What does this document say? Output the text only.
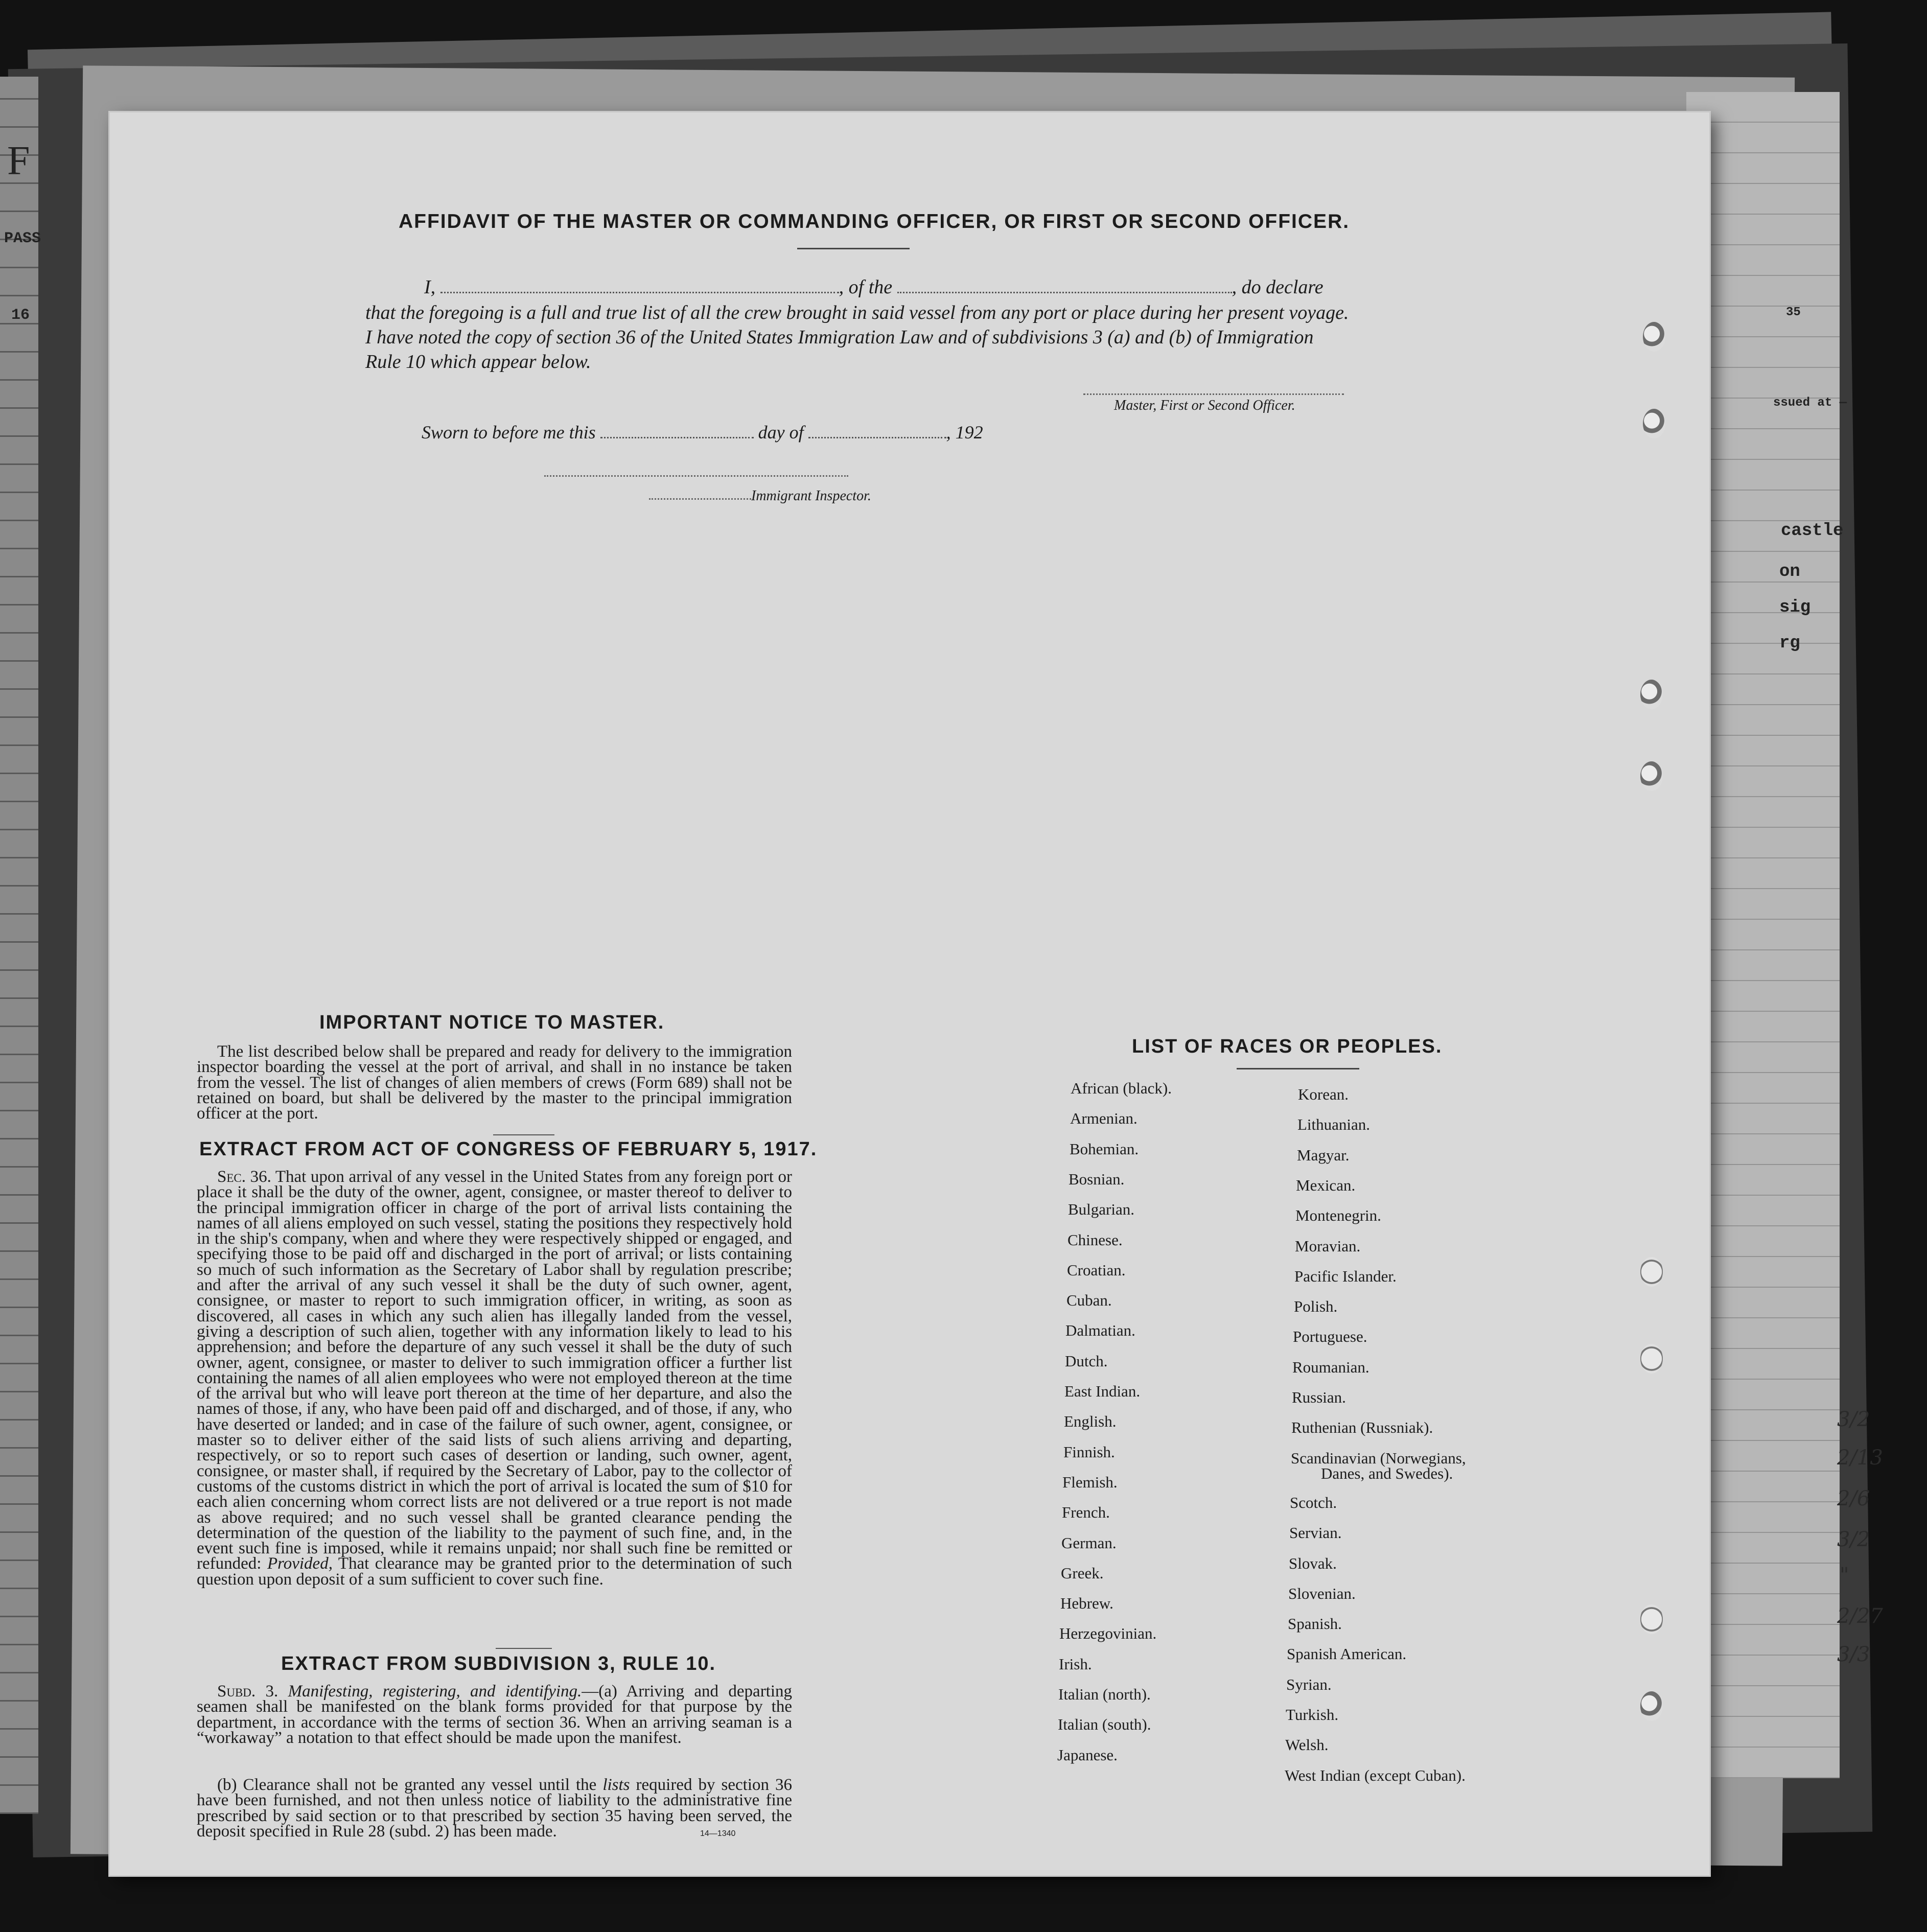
F
PASS
16	35
ssued at —
castle
on
sig
rg
3/2
2/13
2/6
3/2
"
2/27
3/3
AFFIDAVIT OF THE MASTER OR COMMANDING OFFICER, OR FIRST OR SECOND OFFICER.
I,	, of the	, do declare
that the foregoing is a full and true list of all the crew brought in said vessel from any port or place during her present voyage.
I have noted the copy of section 36 of the United States Immigration Law and of subdivisions 3 (a) and (b) of Immigration
Rule 10 which appear below.
Master, First or Second Officer.
Sworn to before me this	day of	, 192
Immigrant Inspector.
IMPORTANT NOTICE TO MASTER.
The list described below shall be prepared and ready for delivery to the immigration inspector boarding the vessel at the port of arrival, and shall in no instance be taken from the vessel. The list of changes of alien members of crews (Form 689) shall not be retained on board, but shall be delivered by the master to the principal immigration officer at the port.
EXTRACT FROM ACT OF CONGRESS OF FEBRUARY 5, 1917.
Sec. 36. That upon arrival of any vessel in the United States from any foreign port or place it shall be the duty of the owner, agent, consignee, or master thereof to deliver to the principal immigration officer in charge of the port of arrival lists containing the names of all aliens employed on such vessel, stating the positions they respectively hold in the ship's company, when and where they were respectively shipped or engaged, and specifying those to be paid off and discharged in the port of arrival; or lists containing so much of such information as the Secretary of Labor shall by regulation prescribe; and after the arrival of any such vessel it shall be the duty of such owner, agent, consignee, or master to report to such immigration officer, in writing, as soon as discovered, all cases in which any such alien has illegally landed from the vessel, giving a description of such alien, together with any information likely to lead to his apprehension; and before the departure of any such vessel it shall be the duty of such owner, agent, consignee, or master to deliver to such immigration officer a further list containing the names of all alien employees who were not employed thereon at the time of the arrival but who will leave port thereon at the time of her departure, and also the names of those, if any, who have been paid off and discharged, and of those, if any, who have deserted or landed; and in case of the failure of such owner, agent, consignee, or master so to deliver either of the said lists of such aliens arriving and departing, respectively, or so to report such cases of desertion or landing, such owner, agent, consignee, or master shall, if required by the Secretary of Labor, pay to the collector of customs of the customs district in which the port of arrival is located the sum of $10 for each alien concerning whom correct lists are not delivered or a true report is not made as above required; and no such vessel shall be granted clearance pending the determination of the question of the liability to the payment of such fine, and, in the event such fine is imposed, while it remains unpaid; nor shall such fine be remitted or refunded: Provided, That clearance may be granted prior to the determination of such question upon deposit of a sum sufficient to cover such fine.
EXTRACT FROM SUBDIVISION 3, RULE 10.
Subd. 3. Manifesting, registering, and identifying.—(a) Arriving and departing seamen shall be manifested on the blank forms provided for that purpose by the department, in accordance with the terms of section 36. When an arriving seaman is a “workaway” a notation to that effect should be made upon the manifest.
(b) Clearance shall not be granted any vessel until the lists required by section 36 have been furnished, and not then unless notice of liability to the administrative fine prescribed by said section or to that prescribed by section 35 having been served, the deposit specified in Rule 28 (subd. 2) has been made.	14—1340
LIST OF RACES OR PEOPLES.
African (black).
Armenian.
Bohemian.
Bosnian.
Bulgarian.
Chinese.
Croatian.
Cuban.
Dalmatian.
Dutch.
East Indian.
English.
Finnish.
Flemish.
French.
German.
Greek.
Hebrew.
Herzegovinian.
Irish.
Italian (north).
Italian (south).
Japanese.
Korean.
Lithuanian.
Magyar.
Mexican.
Montenegrin.
Moravian.
Pacific Islander.
Polish.
Portuguese.
Roumanian.
Russian.
Ruthenian (Russniak).
Scandinavian (Norwegians,
Danes, and Swedes).
Scotch.
Servian.
Slovak.
Slovenian.
Spanish.
Spanish American.
Syrian.
Turkish.
Welsh.
West Indian (except Cuban).
